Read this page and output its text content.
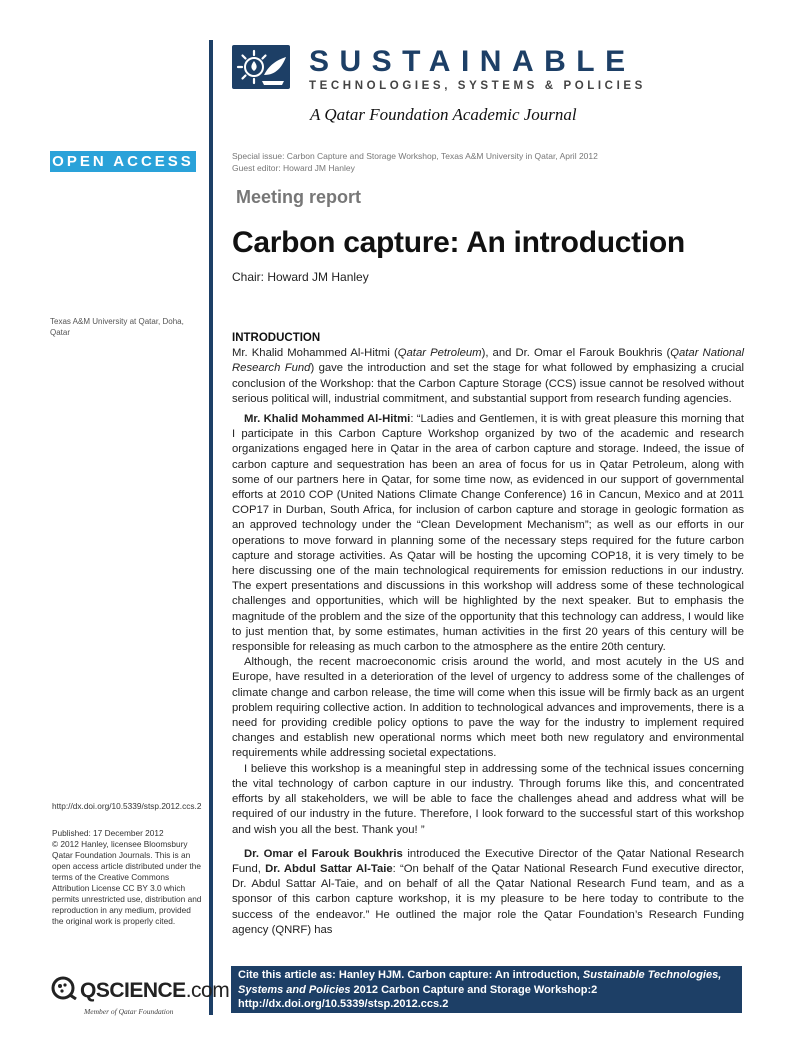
SUSTAINABLE
TECHNOLOGIES, SYSTEMS & POLICIES
A Qatar Foundation Academic Journal
OPEN ACCESS	Special issue: Carbon Capture and Storage Workshop, Texas A&M University in Qatar, April 2012
Guest editor: Howard JM Hanley
Meeting report
Carbon capture: An introduction
Chair: Howard JM Hanley
Texas A&M University at Qatar, Doha, Qatar	INTRODUCTION

Mr. Khalid Mohammed Al-Hitmi (Qatar Petroleum), and Dr. Omar el Farouk Boukhris (Qatar National Research Fund) gave the introduction and set the stage for what followed by emphasizing a crucial conclusion of the Workshop: that the Carbon Capture Storage (CCS) issue cannot be resolved without serious political will, industrial commitment, and substantial support from research funding agencies.

Mr. Khalid Mohammed Al-Hitmi: “Ladies and Gentlemen, it is with great pleasure this morning that I participate in this Carbon Capture Workshop organized by two of the academic and research organizations engaged here in Qatar in the area of carbon capture and storage. Indeed, the issue of carbon capture and sequestration has been an area of focus for us in Qatar Petroleum, along with some of our partners here in Qatar, for some time now, as evidenced in our support of governmental efforts at 2010 COP (United Nations Climate Change Conference) 16 in Cancun, Mexico and at 2011 COP17 in Durban, South Africa, for inclusion of carbon capture and storage in geologic formation as an approved technology under the “Clean Development Mechanism”; as well as our efforts in our operations to move forward in planning some of the necessary steps required for the future carbon capture and storage activities. As Qatar will be hosting the upcoming COP18, it is very timely to be here discussing one of the main technological requirements for emission reductions in our industry. The expert presentations and discussions in this workshop will address some of these technological challenges and opportunities, which will be highlighted by the next speaker. But to emphasis the magnitude of the problem and the size of the opportunity that this technology can address, I would like to just mention that, by some estimates, human activities in the first 20 years of this century will be responsible for releasing as much carbon to the atmosphere as the entire 20th century.

Although, the recent macroeconomic crisis around the world, and most acutely in the US and Europe, have resulted in a deterioration of the level of urgency to address some of the challenges of climate change and carbon release, the time will come when this issue will be firmly back as an urgent problem requiring collective action. In addition to technological advances and improvements, there is a need for providing credible policy options to pave the way for the industry to implement required changes and establish new operational norms which meet both new regulatory and environmental requirements while addressing societal expectations.

I believe this workshop is a meaningful step in addressing some of the technical issues concerning the vital technology of carbon capture in our industry. Through forums like this, and concentrated efforts by all stakeholders, we will be able to face the challenges ahead and address what will be required of our industry in the future. Therefore, I look forward to the successful start of this workshop and wish you all the best. Thank you! ”

Dr. Omar el Farouk Boukhris introduced the Executive Director of the Qatar National Research Fund, Dr. Abdul Sattar Al-Taie: “On behalf of the Qatar National Research Fund executive director, Dr. Abdul Sattar Al-Taie, and on behalf of all the Qatar National Research Fund team, and as a sponsor of this carbon capture workshop, it is my pleasure to be here today to contribute to the success of the endeavor.” He outlined the major role the Qatar Foundation’s Research Funding agency (QNRF) has

http://dx.doi.org/10.5339/stsp.2012.ccs.2
Published: 17 December 2012
© 2012 Hanley, licensee Bloomsbury Qatar Foundation Journals. This is an open access article distributed under the terms of the Creative Commons Attribution License CC BY 3.0 which permits unrestricted use, distribution and reproduction in any medium, provided the original work is properly cited.
QSCIENCE.com
Member of Qatar Foundation
Cite this article as: Hanley HJM. Carbon capture: An introduction, Sustainable Technologies, Systems and Policies 2012 Carbon Capture and Storage Workshop:2
http://dx.doi.org/10.5339/stsp.2012.ccs.2
